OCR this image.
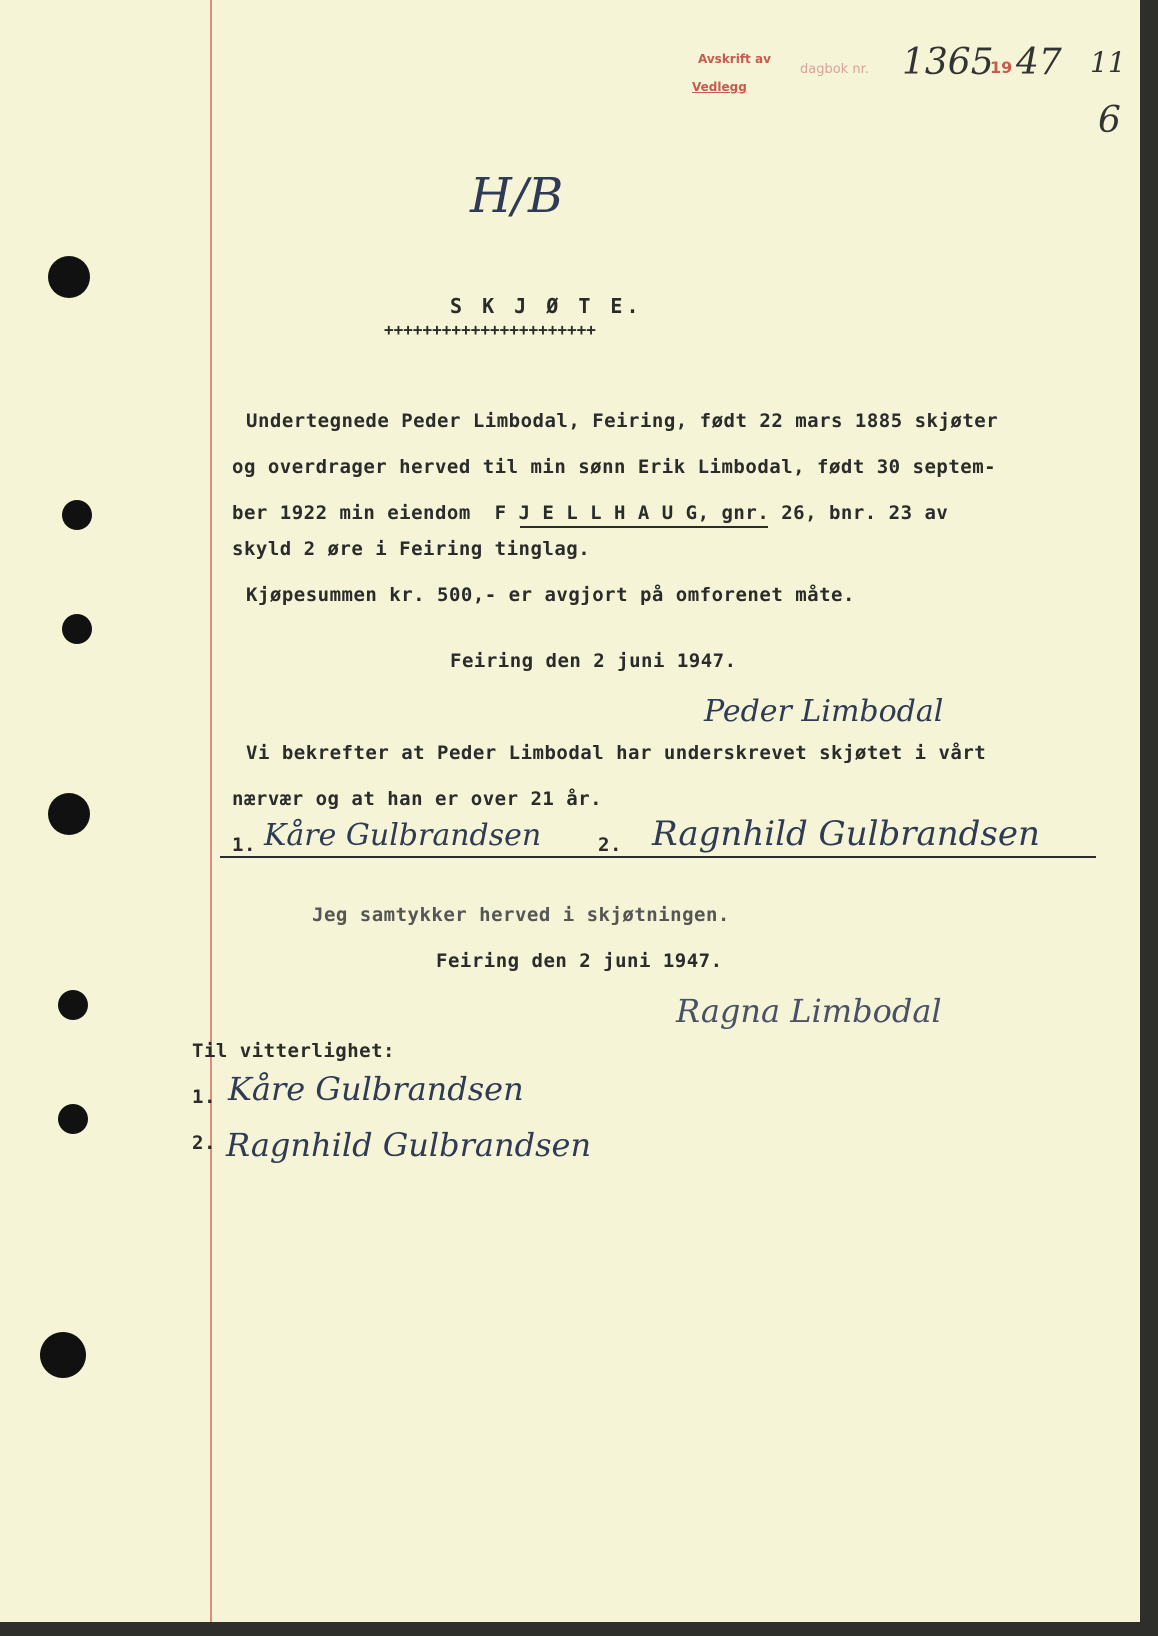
Avskrift av
Vedlegg
dagbok nr. 1365
19 47 11
6
H/B
S K J Ø T E.
++++++++++++++++++++++
Undertegnede Peder Limbodal, Feiring, født 22 mars 1885 skjøter
og overdrager herved til min sønn Erik Limbodal, født 30 septem-
ber 1922 min eiendom  F J E L L H A U G, gnr. 26, bnr. 23 av
skyld 2 øre i Feiring tinglag.
Kjøpesummen kr. 500,- er avgjort på omforenet måte.
Feiring den 2 juni 1947.
Peder Limbodal
Vi bekrefter at Peder Limbodal har underskrevet skjøtet i vårt
nærvær og at han er over 21 år.
1. Kåre Gulbrandsen	2. Ragnhild Gulbrandsen
Jeg samtykker herved i skjøtningen.
Feiring den 2 juni 1947.
Ragna Limbodal
Til vitterlighet:
1. Kåre Gulbrandsen
2. Ragnhild Gulbrandsen
